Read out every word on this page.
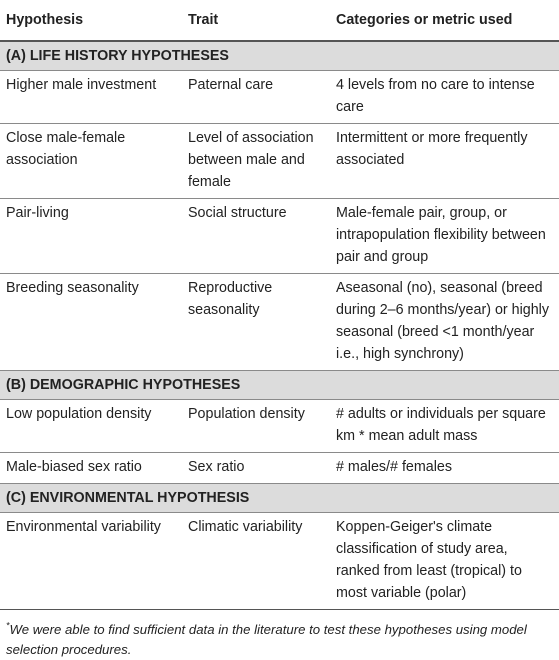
Hypothesis	Trait	Categories or metric used
(A) LIFE HISTORY HYPOTHESES		
Higher male investment	Paternal care	4 levels from no care to intense care
Close male-female association	Level of association between male and female	Intermittent or more frequently associated
Pair-living	Social structure	Male-female pair, group, or intrapopulation flexibility between pair and group
Breeding seasonality	Reproductive seasonality	Aseasonal (no), seasonal (breed during 2–6 months/year) or highly seasonal (breed <1 month/year i.e., high synchrony)
(B) DEMOGRAPHIC HYPOTHESES		
Low population density	Population density	# adults or individuals per square km * mean adult mass
Male-biased sex ratio	Sex ratio	# males/# females
(C) ENVIRONMENTAL HYPOTHESIS		
Environmental variability	Climatic variability	Koppen-Geiger's climate classification of study area, ranked from least (tropical) to most variable (polar)
*We were able to find sufficient data in the literature to test these hypotheses using model selection procedures.
